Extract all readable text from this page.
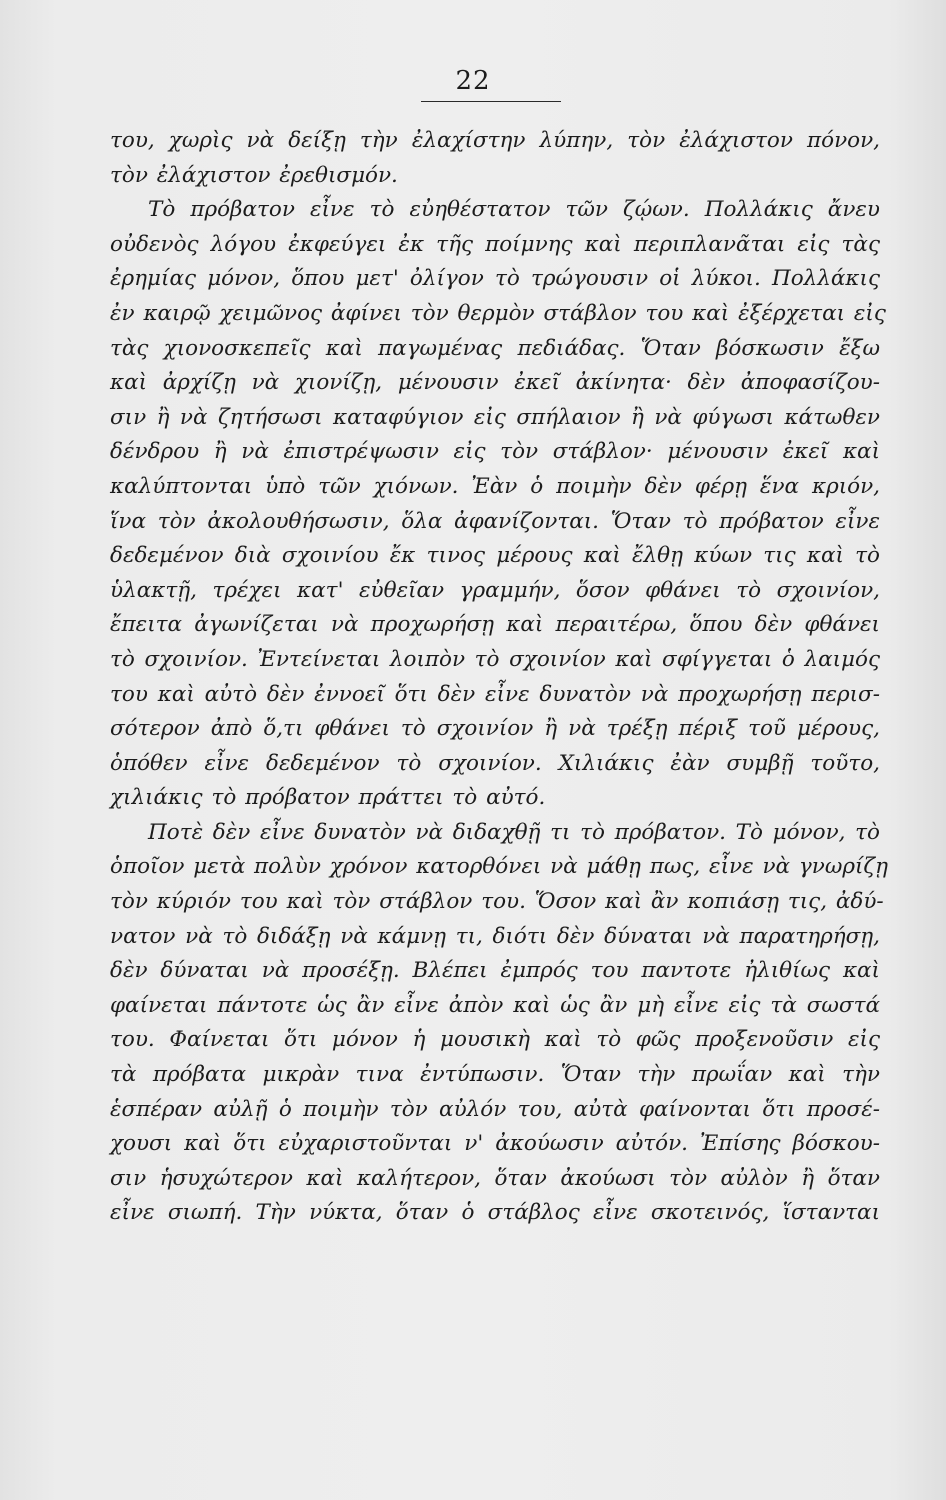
22
του, χωρὶς νὰ δείξῃ τὴν ἐλαχίστην λύπην, τὸν ἐλάχιστον πόνον,
τὸν ἐλάχιστον ἐρεθισμόν.
Τὸ πρόβατον εἶνε τὸ εὐηθέστατον τῶν ζῴων. Πολλάκις ἄνευ
οὐδενὸς λόγου ἐκφεύγει ἐκ τῆς ποίμνης καὶ περιπλανᾶται εἰς τὰς
ἐρημίας μόνον, ὅπου μετ' ὀλίγον τὸ τρώγουσιν οἱ λύκοι. Πολλάκις
ἐν καιρῷ χειμῶνος ἀφίνει τὸν θερμὸν στάβλον του καὶ ἐξέρχεται εἰς
τὰς χιονοσκεπεῖς καὶ παγωμένας πεδιάδας. Ὅταν βόσκωσιν ἔξω
καὶ ἀρχίζῃ νὰ χιονίζῃ, μένουσιν ἐκεῖ ἀκίνητα· δὲν ἀποφασίζου-
σιν ἢ νὰ ζητήσωσι καταφύγιον εἰς σπήλαιον ἢ νὰ φύγωσι κάτωθεν
δένδρου ἢ νὰ ἐπιστρέψωσιν εἰς τὸν στάβλον· μένουσιν ἐκεῖ καὶ
καλύπτονται ὑπὸ τῶν χιόνων. Ἐὰν ὁ ποιμὴν δὲν φέρῃ ἕνα κριόν,
ἵνα τὸν ἀκολουθήσωσιν, ὅλα ἀφανίζονται. Ὅταν τὸ πρόβατον εἶνε
δεδεμένον διὰ σχοινίου ἔκ τινος μέρους καὶ ἔλθῃ κύων τις καὶ τὸ
ὑλακτῇ, τρέχει κατ' εὐθεῖαν γραμμήν, ὅσον φθάνει τὸ σχοινίον,
ἔπειτα ἀγωνίζεται νὰ προχωρήσῃ καὶ περαιτέρω, ὅπου δὲν φθάνει
τὸ σχοινίον. Ἐντείνεται λοιπὸν τὸ σχοινίον καὶ σφίγγεται ὁ λαιμός
του καὶ αὐτὸ δὲν ἐννοεῖ ὅτι δὲν εἶνε δυνατὸν νὰ προχωρήσῃ περισ-
σότερον ἀπὸ ὅ,τι φθάνει τὸ σχοινίον ἢ νὰ τρέξῃ πέριξ τοῦ μέρους,
ὁπόθεν εἶνε δεδεμένον τὸ σχοινίον. Χιλιάκις ἐὰν συμβῇ τοῦτο,
χιλιάκις τὸ πρόβατον πράττει τὸ αὐτό.
Ποτὲ δὲν εἶνε δυνατὸν νὰ διδαχθῇ τι τὸ πρόβατον. Τὸ μόνον, τὸ
ὁποῖον μετὰ πολὺν χρόνον κατορθόνει νὰ μάθῃ πως, εἶνε νὰ γνωρίζῃ
τὸν κύριόν του καὶ τὸν στάβλον του. Ὅσον καὶ ἂν κοπιάσῃ τις, ἀδύ-
νατον νὰ τὸ διδάξῃ νὰ κάμνῃ τι, διότι δὲν δύναται νὰ παρατηρήσῃ,
δὲν δύναται νὰ προσέξῃ. Βλέπει ἐμπρός του παντοτε ἠλιθίως καὶ
φαίνεται πάντοτε ὡς ἂν εἶνε ἀπὸν καὶ ὡς ἂν μὴ εἶνε εἰς τὰ σωστά
του. Φαίνεται ὅτι μόνον ἡ μουσικὴ καὶ τὸ φῶς προξενοῦσιν εἰς
τὰ πρόβατα μικρὰν τινα ἐντύπωσιν. Ὅταν τὴν πρωΐαν καὶ τὴν
ἑσπέραν αὐλῇ ὁ ποιμὴν τὸν αὐλόν του, αὐτὰ φαίνονται ὅτι προσέ-
χουσι καὶ ὅτι εὐχαριστοῦνται ν' ἀκούωσιν αὐτόν. Ἐπίσης βόσκου-
σιν ἡσυχώτερον καὶ καλήτερον, ὅταν ἀκούωσι τὸν αὐλὸν ἢ ὅταν
εἶνε σιωπή. Τὴν νύκτα, ὅταν ὁ στάβλος εἶνε σκοτεινός, ἵστανται
